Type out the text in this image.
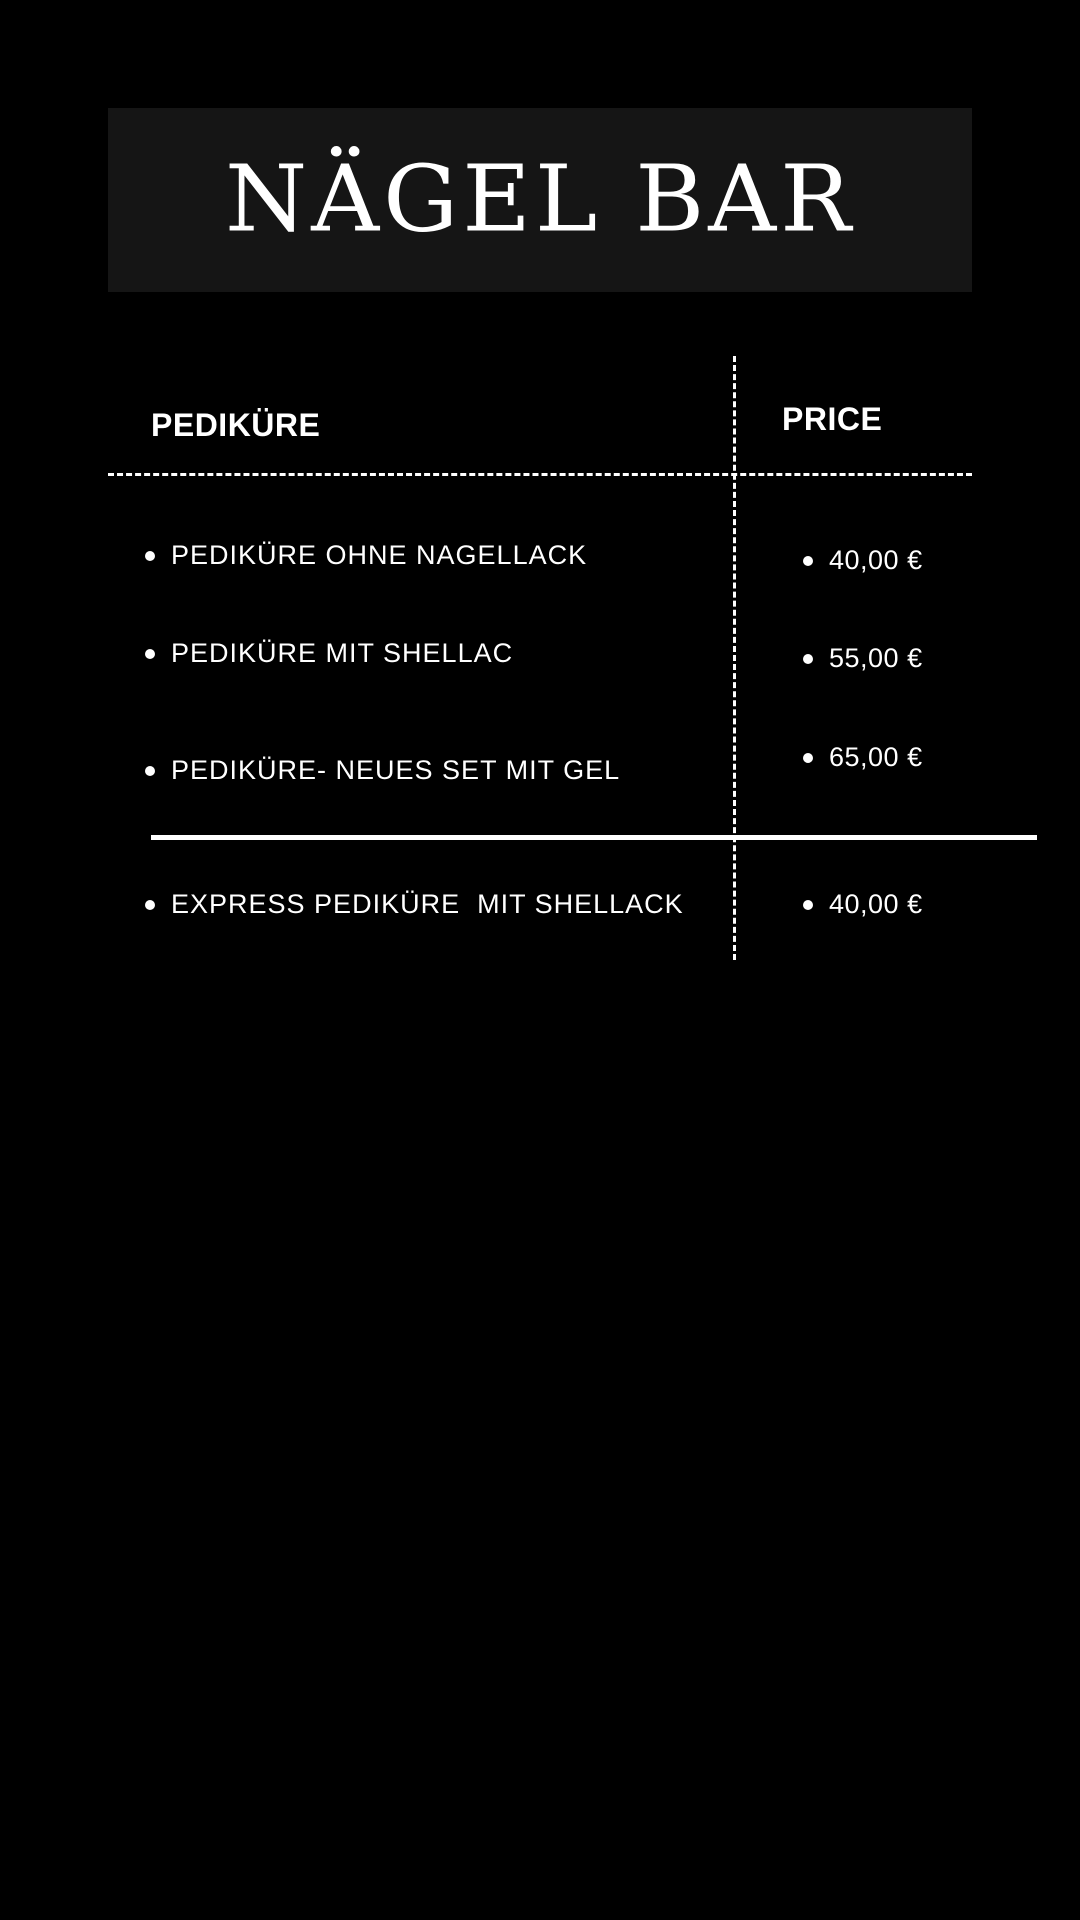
NÄGEL BAR
PEDIKÜRE	PRICE
PEDIKÜRE OHNE NAGELLACK
PEDIKÜRE MIT SHELLAC
PEDIKÜRE- NEUES SET MIT GEL
EXPRESS PEDIKÜRE  MIT SHELLACK
40,00 €
55,00 €
65,00 €
40,00 €
